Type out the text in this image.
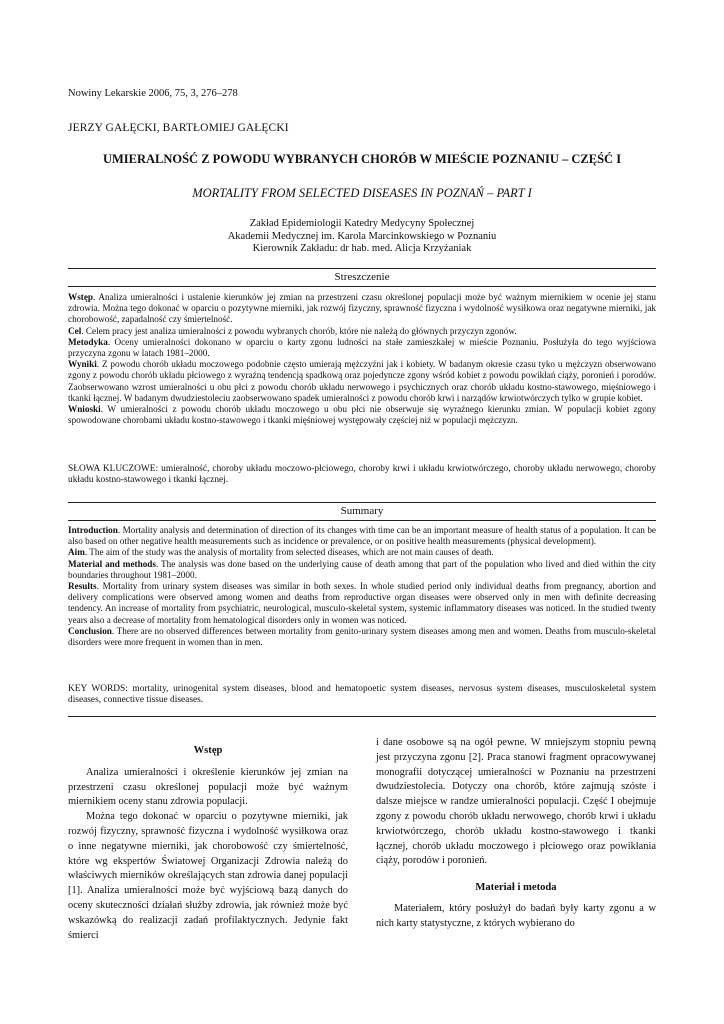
Nowiny Lekarskie 2006, 75, 3, 276–278
JERZY GAŁĘCKI, BARTŁOMIEJ GAŁĘCKI
UMIERALNOŚĆ Z POWODU WYBRANYCH CHORÓB W MIEŚCIE POZNANIU – CZĘŚĆ I
MORTALITY FROM SELECTED DISEASES IN POZNAŃ – PART I
Zakład Epidemiologii Katedry Medycyny Społecznej
Akademii Medycznej im. Karola Marcinkowskiego w Poznaniu
Kierownik Zakładu: dr hab. med. Alicja Krzyżaniak
Streszczenie

Wstęp. Analiza umieralności i ustalenie kierunków jej zmian na przestrzeni czasu określonej populacji może być ważnym miernikiem w ocenie jej stanu zdrowia. Można tego dokonać w oparciu o pozytywne mierniki, jak rozwój fizyczny, sprawność fizyczna i wydolność wysiłkowa oraz negatywne mierniki, jak chorobowość, zapadalność czy śmiertelność.

Cel. Celem pracy jest analiza umieralności z powodu wybranych chorób, które nie należą do głównych przyczyn zgonów.

Metodyka. Oceny umieralności dokonano w oparciu o karty zgonu ludności na stałe zamieszkałej w mieście Poznaniu. Posłużyła do tego wyjściowa przyczyna zgonu w latach 1981–2000.

Wyniki. Z powodu chorób układu moczowego podobnie często umierają mężczyźni jak i kobiety. W badanym okresie czasu tyko u mężczyzn obserwowano zgony z powodu chorób układu płciowego z wyraźną tendencją spadkową oraz pojedyncze zgony wśród kobiet z powodu powikłań ciąży, poronień i porodów. Zaobserwowano wzrost umieralności u obu płci z powodu chorób układu nerwowego i psychicznych oraz chorób układu kostno-stawowego, mięśniowego i tkanki łącznej. W badanym dwudziestoleciu zaobserwowano spadek umieralności z powodu chorób krwi i narządów krwiotwórczych tylko w grupie kobiet.

Wnioski. W umieralności z powodu chorób układu moczowego u obu płci nie obserwuje się wyraźnego kierunku zmian. W populacji kobiet zgony spowodowane chorobami układu kostno-stawowego i tkanki mięśniowej występowały częściej niż w populacji mężczyzn.

SŁOWA KLUCZOWE: umieralność, choroby układu moczowo-płciowego, choroby krwi i układu krwiotwórczego, choroby układu nerwowego, choroby układu kostno-stawowego i tkanki łącznej.
Summary

Introduction. Mortality analysis and determination of direction of its changes with time can be an important measure of health status of a population. It can be also based on other negative health measurements such as incidence or prevalence, or on positive health measurements (physical development).

Aim. The aim of the study was the analysis of mortality from selected diseases, which are not main causes of death.

Material and methods. The analysis was done based on the underlying cause of death among that part of the population who lived and died within the city boundaries throughout 1981–2000.

Results. Mortality from urinary system diseases was similar in both sexes. In whole studied period only individual deaths from pregnancy, abortion and delivery complications were observed among women and deaths from reproductive organ diseases were observed only in men with definite decreasing tendency. An increase of mortality from psychiatric, neurological, musculo-skeletal system, systemic inflammatory diseases was noticed. In the studied twenty years also a decrease of mortality from hematological disorders only in women was noticed.

Conclusion. There are no observed differences between mortality from genito-urinary system diseases among men and women. Deaths from musculo-skeletal disorders were more frequent in women than in men.

KEY WORDS: mortality, urinogenital system diseases, blood and hematopoetic system diseases, nervosus system diseases, musculoskeletal system diseases, connective tissue diseases.
Wstęp

Analiza umieralności i określenie kierunków jej zmian na przestrzeni czasu określonej populacji może być ważnym miernikiem oceny stanu zdrowia populacji.

Można tego dokonać w oparciu o pozytywne mierniki, jak rozwój fizyczny, sprawność fizyczna i wydolność wysiłkowa oraz o inne negatywne mierniki, jak chorobowość czy śmiertelność, które wg ekspertów Światowej Organizacji Zdrowia należą do właściwych mierników określających stan zdrowia danej populacji [1]. Analiza umieralności może być wyjściową bazą danych do oceny skuteczności działań służby zdrowia, jak również może być wskazówką do realizacji zadań profilaktycznych. Jedynie fakt śmierci

i dane osobowe są na ogół pewne. W mniejszym stopniu pewną jest przyczyna zgonu [2]. Praca stanowi fragment opracowywanej monografii dotyczącej umieralności w Poznaniu na przestrzeni dwudziestolecia. Dotyczy ona chorób, które zajmują szóste i dalsze miejsce w randze umieralności populacji. Część I obejmuje zgony z powodu chorób układu nerwowego, chorób krwi i układu krwiotwórczego, chorób układu kostno-stawowego i tkanki łącznej, chorób układu moczowego i płciowego oraz powikłania ciąży, porodów i poronień.

Materiał i metoda

Materiałem, który posłużył do badań były karty zgonu a w nich karty statystyczne, z których wybierano do
